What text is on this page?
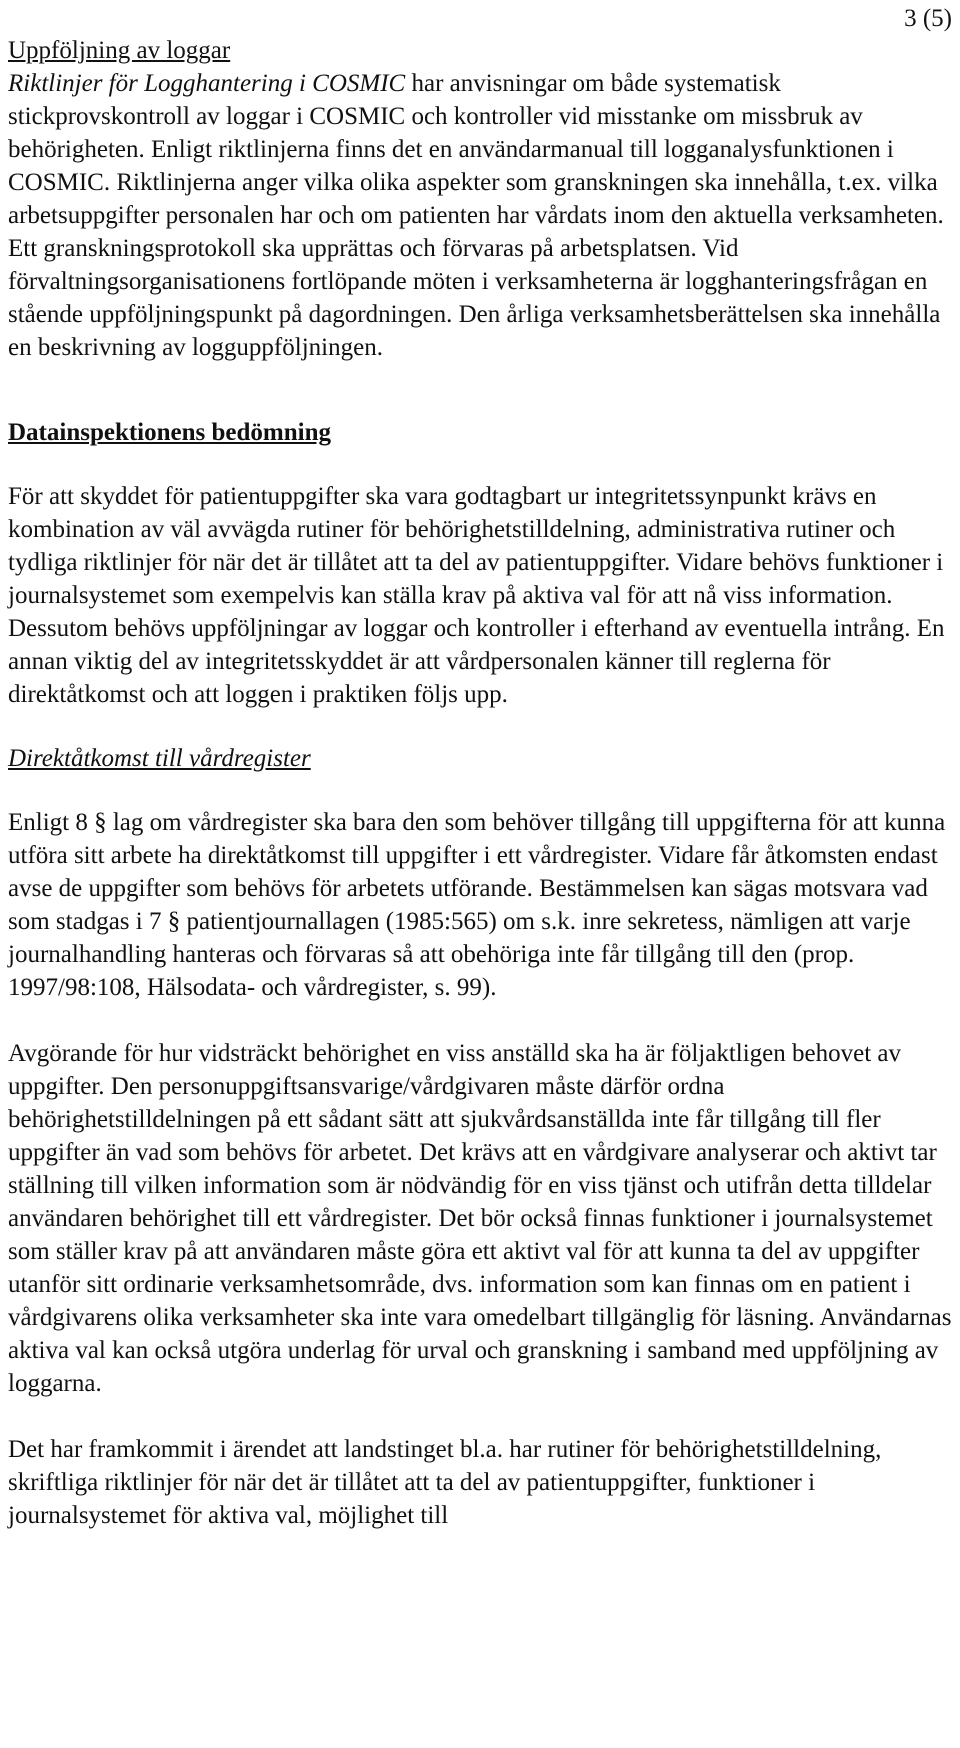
3 (5)

Uppföljning av loggar

Riktlinjer för Logghantering i COSMIC har anvisningar om både systematisk stickprovskontroll av loggar i COSMIC och kontroller vid misstanke om missbruk av behörigheten. Enligt riktlinjerna finns det en användarmanual till logganalysfunktionen i COSMIC. Riktlinjerna anger vilka olika aspekter som granskningen ska innehålla, t.ex. vilka arbetsuppgifter personalen har och om patienten har vårdats inom den aktuella verksamheten. Ett granskningsprotokoll ska upprättas och förvaras på arbetsplatsen. Vid förvaltningsorganisationens fortlöpande möten i verksamheterna är logghanteringsfrågan en stående uppföljningspunkt på dagordningen. Den årliga verksamhetsberättelsen ska innehålla en beskrivning av logguppföljningen.

Datainspektionens bedömning

För att skyddet för patientuppgifter ska vara godtagbart ur integritetssynpunkt krävs en kombination av väl avvägda rutiner för behörighetstilldelning, administrativa rutiner och tydliga riktlinjer för när det är tillåtet att ta del av patientuppgifter. Vidare behövs funktioner i journalsystemet som exempelvis kan ställa krav på aktiva val för att nå viss information. Dessutom behövs uppföljningar av loggar och kontroller i efterhand av eventuella intrång. En annan viktig del av integritetsskyddet är att vårdpersonalen känner till reglerna för direktåtkomst och att loggen i praktiken följs upp.

Direktåtkomst till vårdregister

Enligt 8 § lag om vårdregister ska bara den som behöver tillgång till uppgifterna för att kunna utföra sitt arbete ha direktåtkomst till uppgifter i ett vårdregister. Vidare får åtkomsten endast avse de uppgifter som behövs för arbetets utförande. Bestämmelsen kan sägas motsvara vad som stadgas i 7 § patientjournallagen (1985:565) om s.k. inre sekretess, nämligen att varje journalhandling hanteras och förvaras så att obehöriga inte får tillgång till den (prop. 1997/98:108, Hälsodata- och vårdregister, s. 99).

Avgörande för hur vidsträckt behörighet en viss anställd ska ha är följaktligen behovet av uppgifter. Den personuppgiftsansvarige/vårdgivaren måste därför ordna behörighetstilldelningen på ett sådant sätt att sjukvårdsanställda inte får tillgång till fler uppgifter än vad som behövs för arbetet. Det krävs att en vårdgivare analyserar och aktivt tar ställning till vilken information som är nödvändig för en viss tjänst och utifrån detta tilldelar användaren behörighet till ett vårdregister. Det bör också finnas funktioner i journalsystemet som ställer krav på att användaren måste göra ett aktivt val för att kunna ta del av uppgifter utanför sitt ordinarie verksamhetsområde, dvs. information som kan finnas om en patient i vårdgivarens olika verksamheter ska inte vara omedelbart tillgänglig för läsning. Användarnas aktiva val kan också utgöra underlag för urval och granskning i samband med uppföljning av loggarna.

Det har framkommit i ärendet att landstinget bl.a. har rutiner för behörighetstilldelning, skriftliga riktlinjer för när det är tillåtet att ta del av patientuppgifter, funktioner i journalsystemet för aktiva val, möjlighet till
